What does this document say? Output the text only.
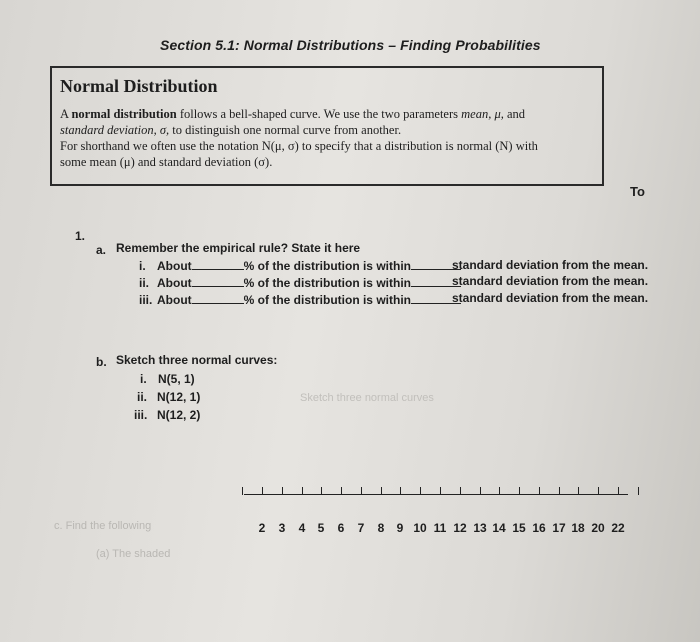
Section 5.1: Normal Distributions – Finding Probabilities
Normal Distribution

A normal distribution follows a bell-shaped curve. We use the two parameters mean, μ, and

standard deviation, σ, to distinguish one normal curve from another.

For shorthand we often use the notation N(μ, σ) to specify that a distribution is normal (N) with

some mean (μ) and standard deviation (σ).

To
1.
a. Remember the empirical rule? State it here
i. About	% of the distribution is within	standard deviation from the mean.
ii. About	% of the distribution is within	standard deviation from the mean.
iii. About	% of the distribution is within	standard deviation from the mean.
b. Sketch three normal curves:
i. N(5, 1)
ii. N(12, 1)
iii. N(12, 2)
Sketch three normal curves
c. Find the following
(a) The shaded
2	3	4	5	6	7	8	9 10 11 12 13 14 15 16 17 18 20 22
